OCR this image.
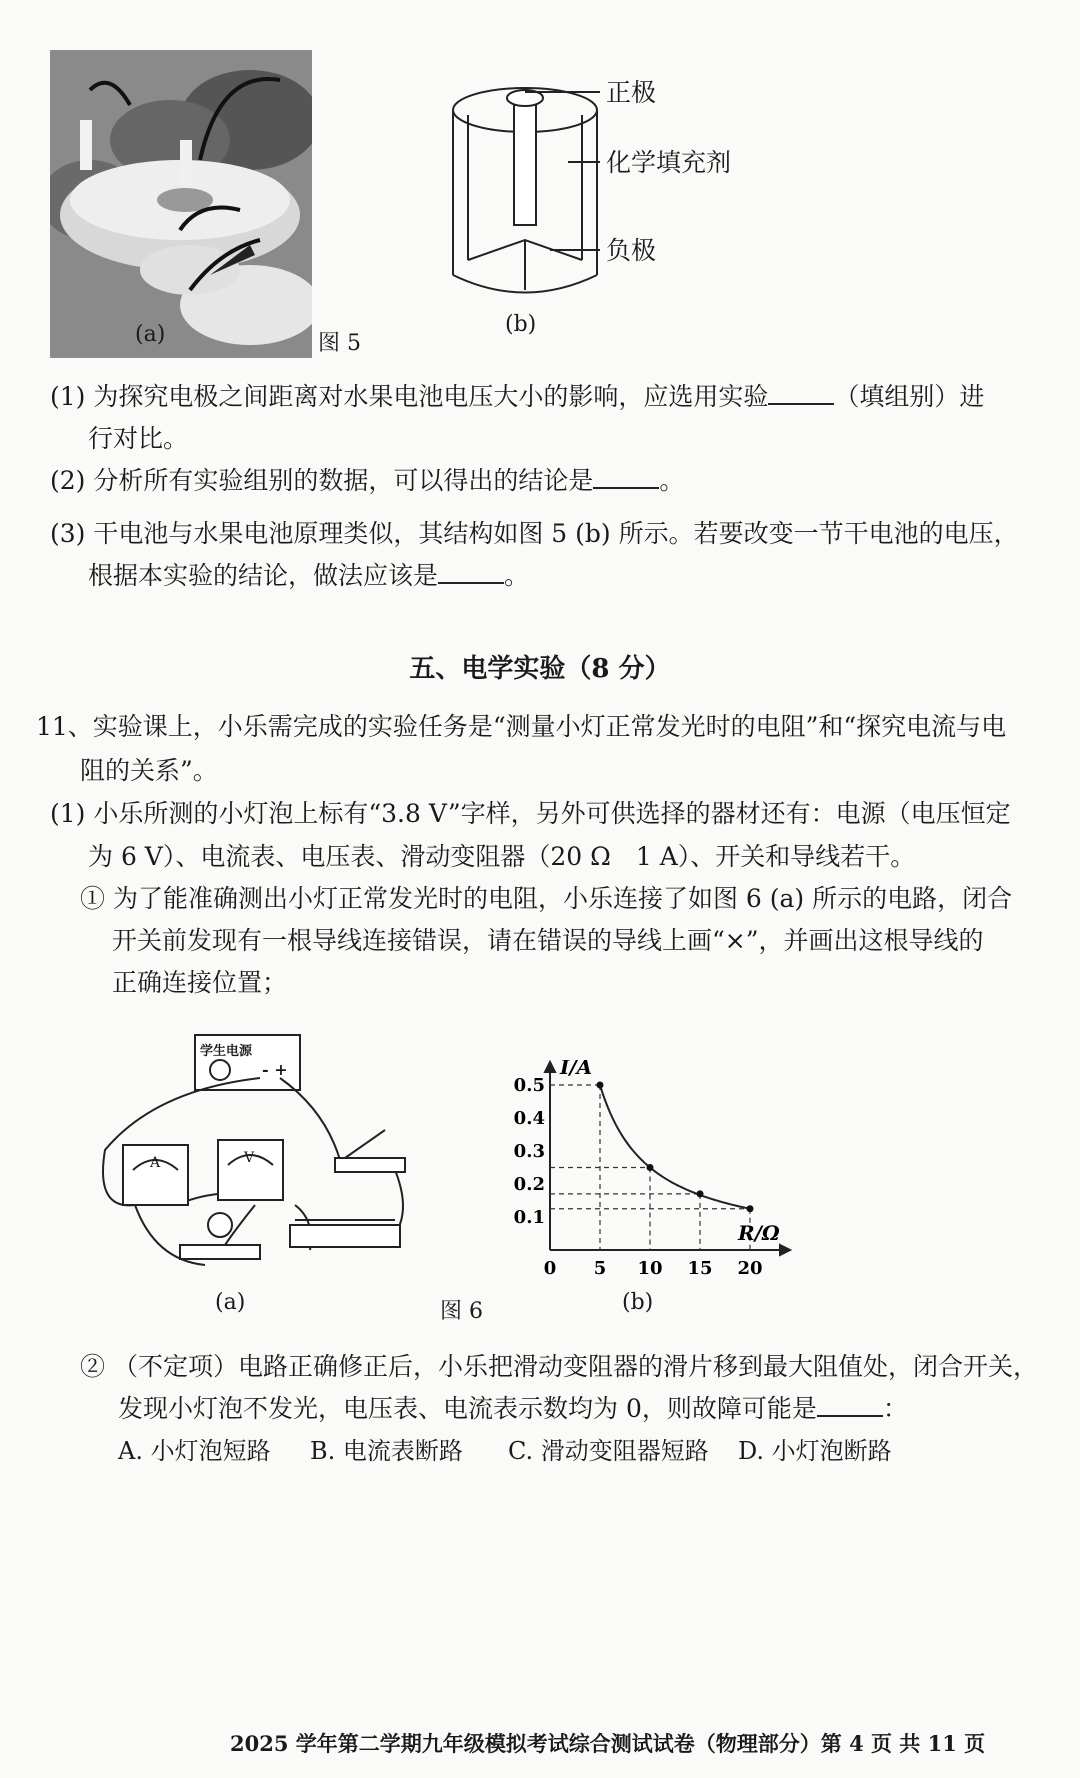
(a)	图 5
正极
化学填充剂
负极
(b)
(1) 为探究电极之间距离对水果电池电压大小的影响，应选用实验	（填组别）进
行对比。
(2) 分析所有实验组别的数据，可以得出的结论是	。
(3) 干电池与水果电池原理类似，其结构如图 5 (b) 所示。若要改变一节干电池的电压，
根据本实验的结论，做法应该是	。
五、电学实验（8 分）
11、实验课上，小乐需完成的实验任务是“测量小灯正常发光时的电阻”和“探究电流与电
阻的关系”。
(1) 小乐所测的小灯泡上标有“3.8 V”字样，另外可供选择的器材还有：电源（电压恒定
为 6 V）、电流表、电压表、滑动变阻器（20 Ω　1 A）、开关和导线若干。
① 为了能准确测出小灯正常发光时的电阻，小乐连接了如图 6 (a) 所示的电路，闭合
开关前发现有一根导线连接错误，请在错误的导线上画“×”，并画出这根导线的
正确连接位置；
学生电源
- +
A	V
(a)	图 6
0.1
0.2
0.3
0.4
0.5
0 5 10 15 20
I/A
R/Ω
(b)
② （不定项）电路正确修正后，小乐把滑动变阻器的滑片移到最大阻值处，闭合开关，
发现小灯泡不发光，电压表、电流表示数均为 0，则故障可能是	：
A. 小灯泡短路 B. 电流表断路 C. 滑动变阻器短路 D. 小灯泡断路
2025 学年第二学期九年级模拟考试综合测试试卷（物理部分）第 4 页 共 11 页
